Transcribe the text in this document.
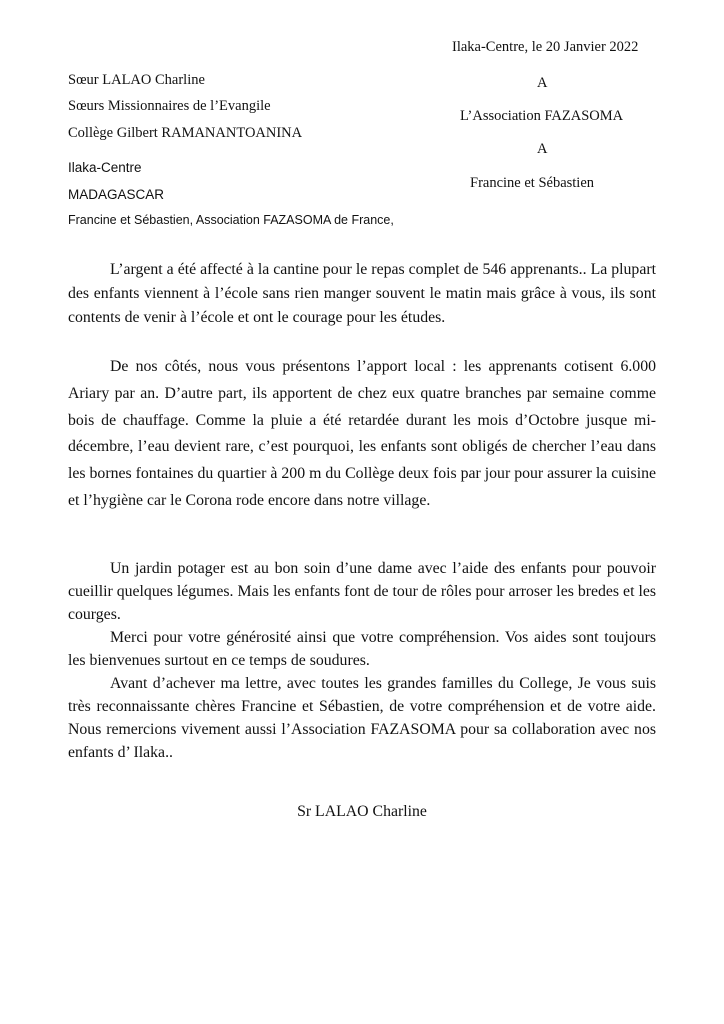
Ilaka-Centre, le 20 Janvier 2022
Sœur LALAO Charline
Sœurs Missionnaires de l’Evangile
Collège Gilbert RAMANANTOANINA
Ilaka-Centre
MADAGASCAR
Francine et Sébastien, Association FAZASOMA de France,
A
L’Association FAZASOMA
A
Francine et Sébastien

L’argent a été affecté à la cantine pour le repas complet de 546 apprenants.. La plupart des enfants viennent à l’école sans rien manger souvent le matin mais grâce à vous, ils sont contents de venir à l’école et ont le courage pour les études.

De nos côtés, nous vous présentons l’apport local : les apprenants cotisent 6.000 Ariary par an. D’autre part, ils apportent de chez eux quatre branches par semaine comme bois de chauffage. Comme la pluie a été retardée durant les mois d’Octobre jusque mi-décembre, l’eau devient rare, c’est pourquoi, les enfants sont obligés de chercher l’eau dans les bornes fontaines du quartier à 200 m du Collège deux fois par jour pour assurer la cuisine et l’hygiène car le Corona rode encore dans notre village.

Un jardin potager est au bon soin d’une dame avec l’aide des enfants pour pouvoir cueillir quelques légumes. Mais les enfants font de tour de rôles pour arroser les bredes et les courges.

Merci pour votre générosité ainsi que votre compréhension. Vos aides sont toujours les bienvenues surtout en ce temps de soudures.

Avant d’achever ma lettre, avec toutes les grandes familles du College, Je vous suis très reconnaissante chères Francine et Sébastien, de votre compréhension et de votre aide. Nous remercions vivement aussi l’Association FAZASOMA pour sa collaboration avec nos enfants d’ Ilaka..

Sr LALAO Charline
